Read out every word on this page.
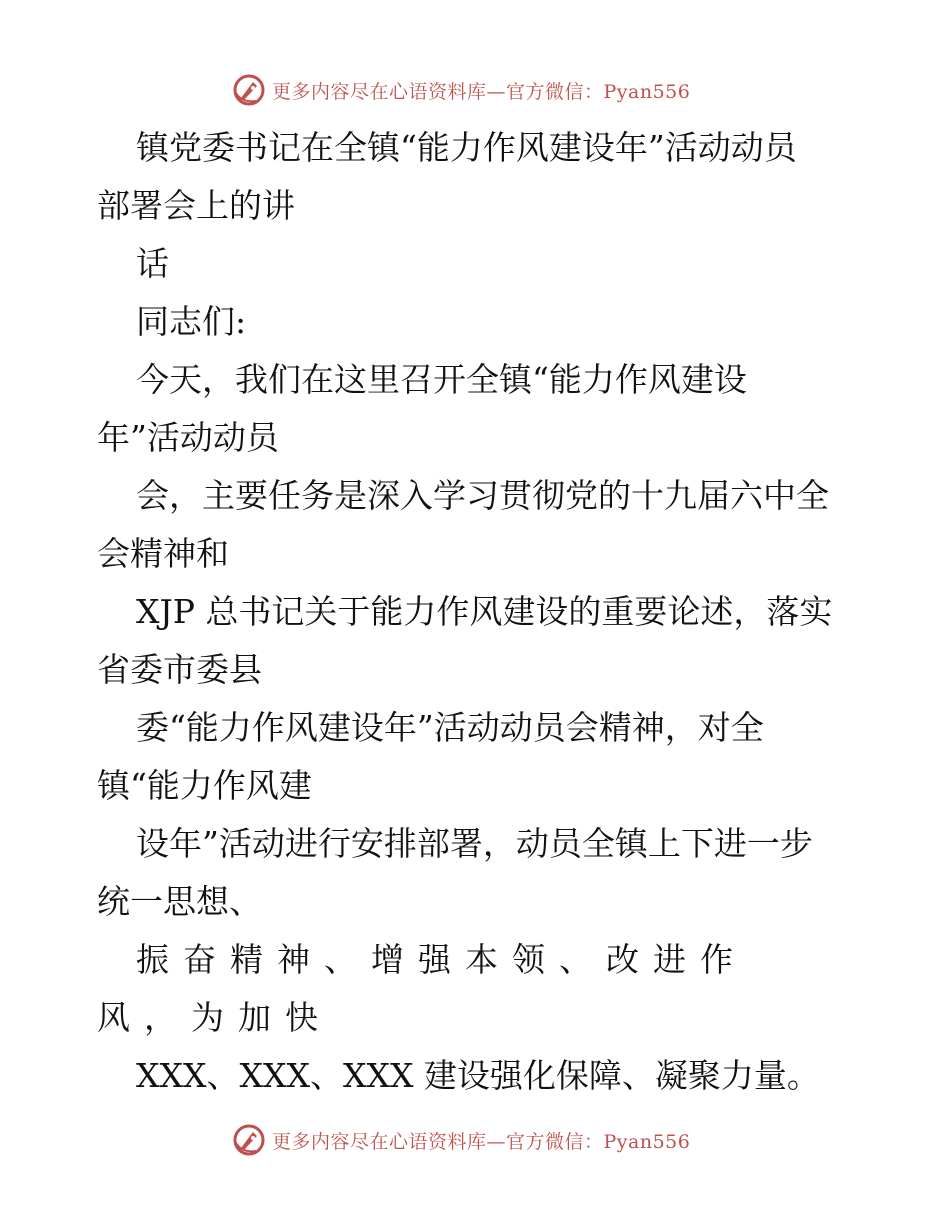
更多内容尽在心语资料库—官方微信：Pyan556
镇党委书记在全镇“能力作风建设年”活动动员
部署会上的讲
话
同志们:
今天，我们在这里召开全镇“能力作风建设
年”活动动员
会，主要任务是深入学习贯彻党的十九届六中全
会精神和
XJP 总书记关于能力作风建设的重要论述，落实
省委市委县
委“能力作风建设年”活动动员会精神，对全
镇“能力作风建
设年”活动进行安排部署，动员全镇上下进一步
统一思想、
振奋精神、增强本领、改进作
风，为加快
XXX、XXX、XXX 建设强化保障、凝聚力量。
更多内容尽在心语资料库—官方微信：Pyan556
